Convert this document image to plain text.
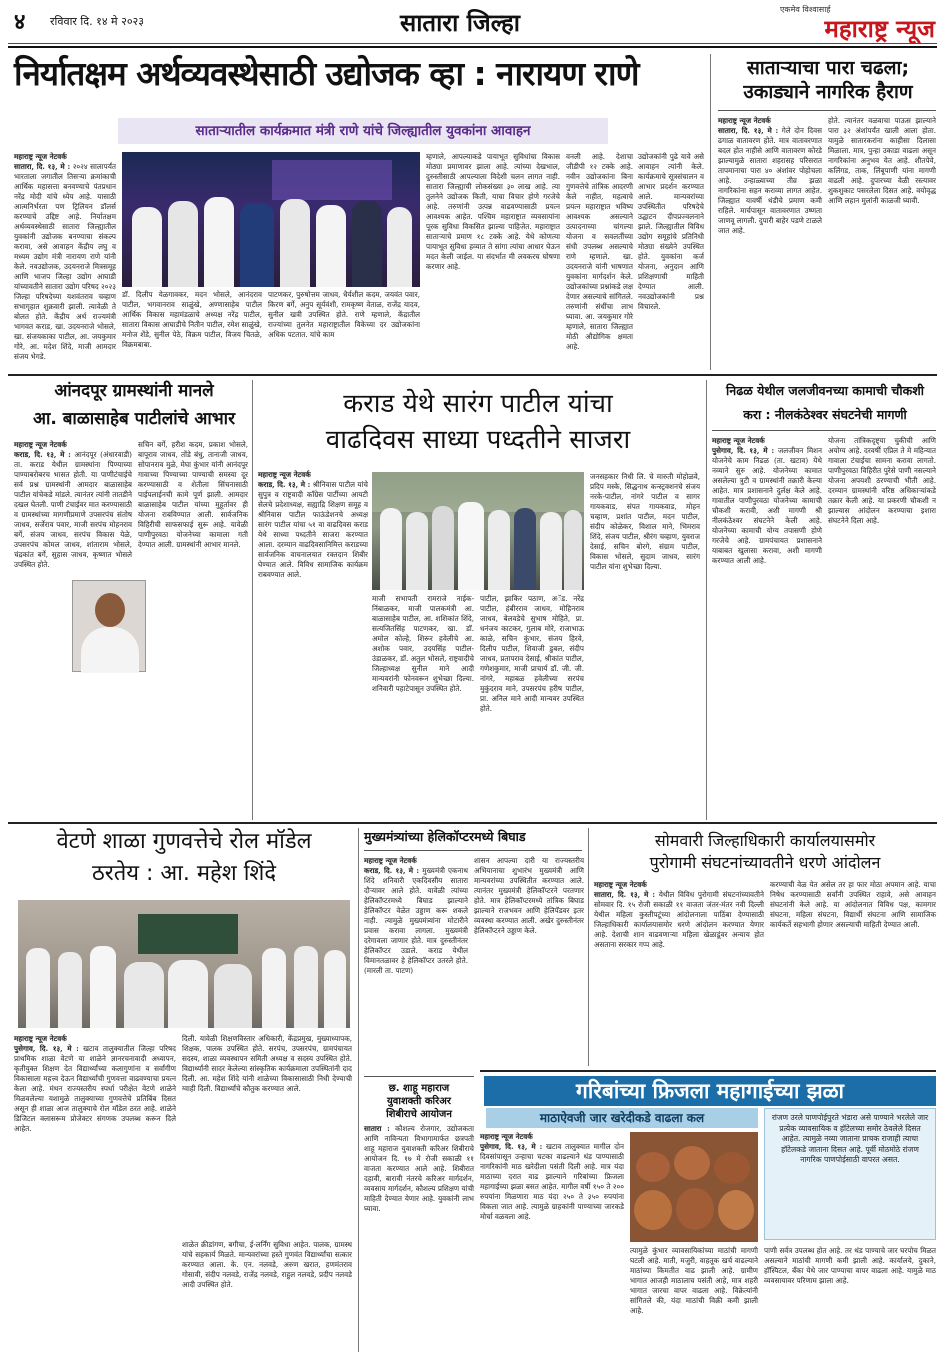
४ रविवार दि. १४ मे २०२३	सातारा जिल्हा	एकमेव विश्वासार्ह
महाराष्ट्र न्यूज
निर्यातक्षम अर्थव्यवस्थेसाठी उद्योजक व्हा : नारायण राणे
साताऱ्यातील कार्यक्रमात मंत्री राणे यांचे जिल्ह्यातील युवकांना आवाहन
महाराष्ट्र न्यूज नेटवर्क
सातारा, दि. १३, मे : २०२४ सालापर्यंत भारताला जगातील तिसऱ्या क्रमांकाची आर्थिक महासत्ता बनवण्याचे पंतप्रधान नरेंद्र मोदी यांचे ध्येय आहे. यासाठी आत्मनिर्भरता पण ट्रिलियन डॉलर्स करण्याचे उद्दिष्ट आहे. निर्यातक्षम अर्थव्यवस्थेसाठी सातारा जिल्ह्यातील युवकांनी उद्योजक बनण्याचा संकल्प करावा, असे आवाहन केंद्रीय लघु व मध्यम उद्योग मंत्री नारायण राणे यांनी केले. नवउद्योजक, उदयनराजे मित्रसमूह आणि भाजप जिल्हा उद्योग आघाडी यांच्यावतीने सातारा उद्योग परिषद २०२३ जिल्हा परिषदेच्या यशवंतराव चव्हाण सभागृहात शुक्रवारी झाली. त्यावेळी ते बोलत होते. केंद्रीय अर्थ राज्यमंत्री भागवत कराड, खा. उदयनराजे भोसले, खा. संजयकाका पाटील, आ. जयकुमार गोरे, आ. मदेश शिंदे, माजी आमदार संजय भेगडे.
डॉ. दिलीप येळगावकर, मदन भोसले, आनंदराव पाटील, भगवानराव साळुंखे, अण्णासाहेब पाटील आर्थिक विकास महामंडळाचे अध्यक्ष नरेंद्र पाटील, सातारा विकास आघाडीचे नितीन पाटील, रमेश साळुंखे, मनोज शेंडे, सुनील पेठे, विक्रम पाटील, विजय चितळे, विक्रमबाबा.
पाटणकर, पुरुषोत्तम जाधव, धैर्यशील कदम, जयवंत पवार, किरण बर्गे, अनुप सूर्यवंशी, रामकृष्ण वेताळ, राजेंद्र यादव, सुनील खत्री उपस्थित होते. राणे म्हणाले, केंद्रातील राज्यांच्या तुलनेत महाराष्ट्रातील विकेच्या दर उद्योजकांना अधिक पटतात. यांचे काम
म्हणाले, आपल्याकडे पायाभूत सुविधांचा विकास मोठ्या प्रमाणावर झाला आहे. त्यांच्या देखभाल, दुरुस्तीसाठी आपल्याला विदेशी चलन लागत नाही. सातारा जिल्ह्याची लोकसंख्या ३० लाख आहे. त्या तुलनेने उद्योजक किती, याचा विचार होणे गरजेचे आहे. तरुणांनी उत्पन्न वाढवण्यासाठी प्रयत्न आवश्यक आहेत. पश्चिम महाराष्ट्रात व्यवसायांना पूरक सुविधा विकसित झाल्या पाहिजेत. महाराष्ट्रात साताऱ्याचे प्रमाण १८ टक्के आहे. येथे कोणत्या पायाभूत सुविधा हव्यात ते सांगा त्यांचा आधार घेऊन मदत केली जाईल. या संदर्भात मी लवकरच घोषणा करणार आहे.
वनली आहे. देशाचा जीडीपी १२ टक्के आहे. नवीन उद्योजकांना बिना गुणवत्तेचे तांत्रिक आदरणी केले नाहीत, महत्वाचे प्रयत्न महाराष्ट्रात भविष्य आवश्यक असल्याने उत्पादनाच्या चांगल्या योजना व सवलतींच्या संधी उपलब्ध असल्याचे राणे म्हणाले. खा. उदयनराजे यांनी भाषणात युवकांना मार्गदर्शन केले. उद्योजकांच्या प्रश्नांकडे लक्ष देणार असल्याचे सांगितले. तरुणांनी संधींचा लाभ घ्यावा. आ. जयकुमार गोरे म्हणाले, सातारा जिल्ह्यात मोठी औद्योगिक क्षमता आहे.
उद्योजकांनी पुढे यावे असे आवाहन त्यांनी केले. कार्यक्रमाचे सूत्रसंचालन व आभार प्रदर्शन करण्यात आले. मान्यवरांच्या उपस्थितीत परिषदेचे उद्घाटन दीपप्रज्वलनाने झाले. जिल्ह्यातील विविध उद्योग समूहांचे प्रतिनिधी मोठ्या संख्येने उपस्थित होते. युवकांना कर्ज योजना, अनुदान आणि प्रशिक्षणाची माहिती देण्यात आली. नवउद्योजकांनी प्रश्न विचारले.
साताऱ्याचा पारा चढला; उकाड्याने नागरिक हैराण
महाराष्ट्र न्यूज नेटवर्क
सातारा, दि. १३, मे : गेले दोन दिवस ढगाळ वातावरण होते. मात्र वातावरणात बदल होत नाहीसे आणि वातावरण कोरडे झाल्यामुळे सातारा शहरासह परिसरात तापमानाचा पारा ४० अंशांवर पोहोचला आहे. उन्हाळ्याच्या तीव्र झळा नागरिकांना सहन कराव्या लागत आहेत. जिल्ह्यात यावर्षी थंडीचे प्रमाण कमी राहिले. मार्चपासून वातावरणात उष्णता जाणवू लागली. दुपारी बाहेर पडणे टाळले जात आहे.
होते. त्यानंतर वळवाचा पाऊस झाल्याने पारा ३२ अंशांपर्यंत खाली आला होता. यामुळे सातारकरांना काहीसा दिलासा मिळाला. मात्र, पुन्हा उकाडा वाढला असून नागरिकांना अनुभव येत आहे. शीतपेये, कलिंगड, ताक, लिंबूपाणी यांना मागणी वाढली आहे. दुपारच्या वेळी रस्त्यावर शुकशुकाट पसरलेला दिसत आहे. वयोवृद्ध आणि लहान मुलांनी काळजी घ्यावी.
आंनदपूर ग्रामस्थांनी मानले
आ. बाळासाहेब पाटीलांचे आभार
महाराष्ट्र न्यूज नेटवर्क
कराड, दि. १३, मे : आनंदपूर (अंधारवाडी) ता. कराड येथील ग्रामस्थांना पिण्याच्या पाण्याबरोबरच भासत होती. या पाणीटंचाईचे सर्व प्रश्न ग्रामस्थांनी आमदार बाळासाहेब पाटील यांचेकडे मांडले. त्यानंतर त्यांनी तातडीने दखल घेतली. पाणी टंचाईवर मात करण्यासाठी व ग्रामस्थांच्या मागणीप्रमाणे उपसरपंच संतोष जाधव, सर्जेराव पवार, माजी सरपंच मोहनराव बर्गे, संजय जाधव, सरपंच विकास येळे, उपसरपंच कोमल जाधव, शांताराम भोसले, चंद्रकांत बर्गे, सुहास जाधव, कृष्णात भोसले उपस्थित होते.
सचिन बर्गे, हरीश कदम, प्रकाश भोसले, बापूराव जाधव, तोंडे बंधु, तानाजी जाधव, सोपानराव मुळे, मेघा कुंभार यांनी आनंदपूर गावाच्या पिण्याच्या पाण्याची समस्या दूर करण्यासाठी व शेतीला सिंचनासाठी पाईपलाईनची कामे पूर्ण झाली. आमदार बाळासाहेब पाटील यांच्या मुहूर्तावर ही योजना राबविण्यात आली. सार्वजनिक विहिरीची साफसफाई सुरू आहे. यावेळी पाणीपुरवठा योजनेच्या कामाला गती देण्यात आली. ग्रामस्थांनी आभार मानले.
कराड येथे सारंग पाटील यांचा
वाढदिवस साध्या पध्दतीने साजरा
महाराष्ट्र न्यूज नेटवर्क
कराड, दि. १३, मे : श्रीनिवास पाटील यांचे सुपुत्र व राष्ट्रवादी काँग्रेस पार्टीच्या आयटी सेलचे प्रदेशाध्यक्ष, सह्याद्रि शिक्षण समूह व श्रीनिवास पाटील फाऊंडेशनचे अध्यक्ष सारंग पाटील यांचा ५१ वा वाढदिवस कराड येथे साध्या पध्दतीने साजरा करण्यात आला. दरम्यान वाढदिवसानिमित्त कराडच्या सार्वजनिक वाचनालयात रक्तदान शिबीर घेण्यात आले. विविध सामाजिक कार्यक्रम राबवण्यात आले.
माजी सभापती रामराजे नाईक-निंबाळकर, माजी पालकमंत्री आ. बाळासाहेब पाटील, आ. शशिकांत शिंदे, सत्यजितसिंह पाटणकर, खा. डॉ. अमोल कोल्हे, शिरूर हवेलीचे आ. अशोक पवार, उदयसिंह पाटील-उंडाळकर, डॉ. अतुल भोसले, राष्ट्रवादीचे जिल्हाध्यक्ष सुनील माने आदी मान्यवरांनी फोनवरून शुभेच्छा दिल्या. शनिवारी पहाटेपासून उपस्थित होते.
पाटील, झाकिर पठाण, अॅड. नरेंद्र पाटील, हंबीरराव जाधव, मोहिनराव जाधव, बेलवडेचे सुभाष मोहिते, प्रा. धनंजय काटकर, गुलाब मोरे, राजाभाऊ काळे, सचिन कुंभार, संजय हिरवे, दिलीप पाटील, शिवाजी डुबल, संदीप जाधव, प्रतापराव देसाई, श्रीकांत पाटील, गणेशकुमार, माजी प्राचार्य डॉ. जी. जी. नांगरे, महाबळ हवेलीच्या सरपंच मुकुंदराव माने, उपसरपंच हरीष पाटील, प्रा. अनिल माने आदी मान्यवर उपस्थित होते.
जनसहकार निधी लि. चे मारुती मोहोळवे, प्रदिप मस्के, सिद्धनाथ कन्स्ट्रक्शनचे संजय नरके-पाटील, नांगरे पाटील व सागर गायकवाड, संपत गायकवाड, मोहन चव्हाण, प्रशांत पाटील, मदन पाटील, संदीप कोळेकर, विशाल माने, भिमराव शिंदे, संजय पाटील, श्रीरंग चव्हाण, युवराज देसाई, सचिन बोरगे, संग्राम पाटील, विकास भोसले, सुदाम जाधव, सारंग पाटील यांना शुभेच्छा दिल्या.
निढळ येथील जलजीवनच्या कामाची चौकशी
करा : नीलकंठेश्वर संघटनेची मागणी
महाराष्ट्र न्यूज नेटवर्क
पुसेगाव, दि. १३, मे : जलजीवन मिशन योजनेचे काम निढळ (ता. खटाव) येथे नव्याने सुरु आहे. योजनेच्या कामात असलेल्या त्रुटी व ग्रामस्थांनी तक्रारी केल्या आहेत. मात्र प्रशासनाने दुर्लक्ष केले आहे. गावातील पाणीपुरवठा योजनेच्या कामाची चौकशी करावी, अशी मागणी श्री नीलकंठेश्वर संघटनेने केली आहे. योजनेच्या कामाची योग्य तपासणी होणे गरजेचे आहे. ग्रामपंचायत प्रशासनाने याबाबत खुलासा करावा, अशी मागणी करण्यात आली आहे.
योजना तांत्रिकदृष्ट्या चुकीची आणि अयोग्य आहे. दरवर्षी एप्रिल ते मे महिन्यात गावाला टंचाईचा सामना करावा लागतो. पाणीपुरवठा विहिरीत पुरेसे पाणी नसल्याने योजना अपयशी ठरण्याची भीती आहे. दरम्यान ग्रामस्थांनी वरिष्ठ अधिकाऱ्यांकडे तक्रार केली आहे. या प्रकरणी चौकशी न झाल्यास आंदोलन करण्याचा इशारा संघटनेने दिला आहे.
वेटणे शाळा गुणवत्तेचे रोल मॉडेल
ठरतेय : आ. महेश शिंदे
महाराष्ट्र न्यूज नेटवर्क
पुसेगाव, दि. १३, मे : खटाव तालुक्यातील जिल्हा परिषद प्राथमिक शाळा वेटणे या शाळेने ज्ञानरचनावादी अध्यापन, कृतीयुक्त शिक्षण देत विद्यार्थ्यांच्या कलागुणांना व सर्वांगीण विकासाला महत्त्व देऊन विद्यार्थ्यांची गुणवत्ता वाढवण्याचा प्रयत्न केला आहे. मंथन राज्यस्तरीय स्पर्धा परीक्षेत वेटणे शाळेने मिळवलेल्या यशामुळे तालुक्याच्या गुणवत्तेचे प्रतिबिंब दिसत असून ही शाळा आज तालुक्याचे रोल मॉडेल ठरत आहे. शाळेने डिजिटल क्लासरूम प्रोजेक्टर संगणक उपलब्ध करून दिले आहेत.
दिली. यावेळी शिक्षणविस्तार अधिकारी, केंद्रप्रमुख, मुख्याध्यापक, शिक्षक, पालक उपस्थित होते. सरपंच, उपसरपंच, ग्रामपंचायत सदस्य, शाळा व्यवस्थापन समिती अध्यक्ष व सदस्य उपस्थित होते. विद्यार्थ्यांनी सादर केलेल्या सांस्कृतिक कार्यक्रमाला उपस्थितांनी दाद दिली. आ. महेश शिंदे यांनी शाळेच्या विकासासाठी निधी देण्याची ग्वाही दिली. विद्यार्थ्यांचे कौतुक करण्यात आले.
शाळेत क्रीडांगण, बगीचा, ई-लर्निंग सुविधा आहेत. पालक, ग्रामस्थ यांचे सहकार्य मिळते. मान्यवरांच्या हस्ते गुणवंत विद्यार्थ्यांचा सत्कार करण्यात आला. के. एन. नलवडे, अरुण खरात, हणमंतराव गोसावी, संदीप नलवडे, राजेंद्र नलवडे, राहुल नलवडे, प्रदीप नलवडे आदी उपस्थित होते.
मुख्यमंत्र्यांच्या हेलिकॉप्टरमध्ये बिघाड
महाराष्ट्र न्यूज नेटवर्क
कराड, दि. १३, मे : मुख्यमंत्री एकनाथ शिंदे शनिवारी एकदिवसीय सातारा दौऱ्यावर आले होते. यावेळी त्यांच्या हेलिकॉप्टरमध्ये बिघाड झाल्याने हेलिकॉप्टर वेळेत उड्डाण करू शकले नाही. त्यामुळे मुख्यमंत्र्यांना मोटारीने प्रवास करावा लागला. मुख्यमंत्री दरेगावला जाणार होते. मात्र दुरुस्तीनंतर हेलिकॉप्टर उडाले. कराड येथील विमानतळावर हे हेलिकॉप्टर उतरले होते. (मारली ता. पाटण)
शासन आपल्या दारी या राज्यस्तरीय अभियानाचा शुभारंभ मुख्यमंत्री आणि मान्यवरांच्या उपस्थितीत करण्यात आले. त्यानंतर मुख्यमंत्री हेलिकॉप्टरने परतणार होते. मात्र हेलिकॉप्टरमध्ये तांत्रिक बिघाड झाल्याने राजभवन आणि हेलिपॅडवर इतर व्यवस्था करण्यात आली. अखेर दुरुस्तीनंतर हेलिकॉप्टरने उड्डाण केले.
छ. शाहू महाराज
युवाशक्ती करिअर
शिबीराचे आयोजन
सातारा : कौशल्य रोजगार, उद्योजकता आणि नाविन्यता विभागामार्फत छत्रपती शाहू महाराज युवाशक्ती करिअर शिबीराचे आयोजन दि. १७ मे रोजी सकाळी ११ वाजता करण्यात आले आहे. शिबीरात दहावी, बारावी नंतरचे करिअर मार्गदर्शन, व्यवसाय मार्गदर्शन, कौशल्य प्रशिक्षण यांची माहिती देण्यात येणार आहे. युवकांनी लाभ घ्यावा.
सोमवारी जिल्हाधिकारी कार्यालयासमोर
पुरोगामी संघटनांच्यावतीने धरणे आंदोलन
महाराष्ट्र न्यूज नेटवर्क
सातारा, दि. १३, मे : येथील विविध पुरोगामी संघटनांच्यावतीने सोमवार दि. १५ रोजी सकाळी ११ वाजता जंतर-मंतर नवी दिल्ली येथील महिला कुस्तीपटूंच्या आंदोलनाला पाठिंबा देण्यासाठी जिल्हाधिकारी कार्यालयासमोर धरणे आंदोलन करण्यात येणार आहे. देशाची शान वाढवणाऱ्या महिला खेळाडूंवर अन्याय होत असताना सरकार गप्प आहे.
करण्याची वेळ येत असेल तर हा फार मोठा अपमान आहे. याचा निषेध करण्यासाठी सर्वांनी उपस्थित राहावे, असे आवाहन संघटनांनी केले आहे. या आंदोलनात विविध पक्ष, कामगार संघटना, महिला संघटना, विद्यार्थी संघटना आणि सामाजिक कार्यकर्ते सहभागी होणार असल्याची माहिती देण्यात आली.
गरिबांच्या फ्रिजला महागाईच्या झळा
माठाऐवजी जार खरेदीकडे वाढला कल
महाराष्ट्र न्यूज नेटवर्क
पुसेगाव, दि. १३, मे : खटाव तालुक्यात मागील दोन दिवसांपासून उन्हाचा चटका वाढल्याने थंड पाण्यासाठी नागरिकांनी माठ खरेदीला पसंती दिली आहे. मात्र यंदा माठाच्या दरात वाढ झाल्याने गरिबांच्या फ्रिजला महागाईच्या झळा बसत आहेत. मागील वर्षी १५० ते २०० रुपयांना मिळणारा माठ यंदा २५० ते ३५० रुपयांना विकला जात आहे. त्यामुळे ग्राहकांनी पाण्याच्या जारकडे मोर्चा वळवला आहे.
त्यामुळे कुंभार व्यावसायिकांच्या माठांची मागणी घटली आहे. माती, मजुरी, वाहतूक खर्च वाढल्याने माठांच्या किमतीत वाढ झाली आहे. ग्रामीण भागात आजही माठालाच पसंती आहे, मात्र शहरी भागात जारचा वापर वाढला आहे. विक्रेत्यांनी सांगितले की, यंदा माठांची विक्री कमी झाली आहे.
रांजण उरले पाणपोईपुरते भंडारा असे पाण्याने भरलेले जार प्रत्येक व्यावसायिक व हॉटेलच्या समोर ठेवलेले दिसत आहेत. त्यामुळे नव्या जाताना प्राचक राजाही त्याचा हॉटेलकडे जाताना दिसत आहे. पूर्वी मोठमोठे रांजण नागरिक पाणपोईसाठी वापरत असत.
पाणी सर्वत्र उपलब्ध होत आहे. तर थंड पाण्याचे जार घरपोच मिळत असल्याने माठांची मागणी कमी झाली आहे. कार्यालये, दुकाने, हॉस्पिटल, बँका येथे जार पाण्याचा वापर वाढला आहे. यामुळे माठ व्यवसायावर परिणाम झाला आहे.
